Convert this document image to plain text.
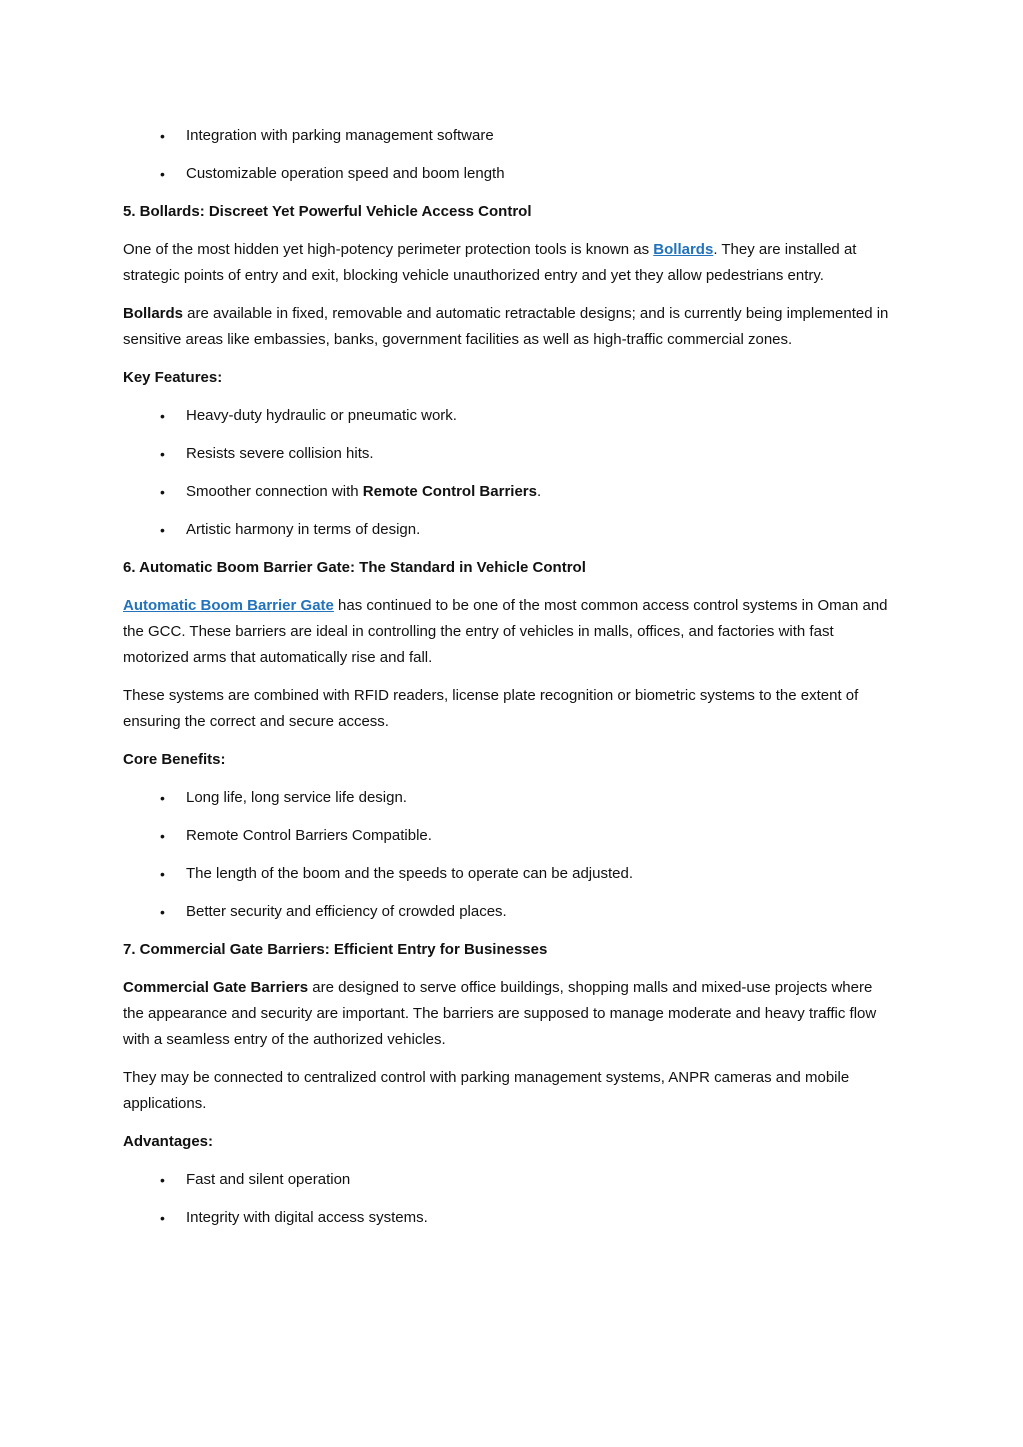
•	Integration with parking management software
•	Customizable operation speed and boom length

5. Bollards: Discreet Yet Powerful Vehicle Access Control

One of the most hidden yet high-potency perimeter protection tools is known as Bollards. They are installed at strategic points of entry and exit, blocking vehicle unauthorized entry and yet they allow pedestrians entry.

Bollards are available in fixed, removable and automatic retractable designs; and is currently being implemented in sensitive areas like embassies, banks, government facilities as well as high-traffic commercial zones.

Key Features:

•	Heavy-duty hydraulic or pneumatic work.
•	Resists severe collision hits.
•	Smoother connection with Remote Control Barriers.
•	Artistic harmony in terms of design.

6. Automatic Boom Barrier Gate: The Standard in Vehicle Control

Automatic Boom Barrier Gate has continued to be one of the most common access control systems in Oman and the GCC. These barriers are ideal in controlling the entry of vehicles in malls, offices, and factories with fast motorized arms that automatically rise and fall.

These systems are combined with RFID readers, license plate recognition or biometric systems to the extent of ensuring the correct and secure access.

Core Benefits:

•	Long life, long service life design.
•	Remote Control Barriers Compatible.
•	The length of the boom and the speeds to operate can be adjusted.
•	Better security and efficiency of crowded places.

7. Commercial Gate Barriers: Efficient Entry for Businesses

Commercial Gate Barriers are designed to serve office buildings, shopping malls and mixed-use projects where the appearance and security are important. The barriers are supposed to manage moderate and heavy traffic flow with a seamless entry of the authorized vehicles.

They may be connected to centralized control with parking management systems, ANPR cameras and mobile applications.

Advantages:

•	Fast and silent operation
•	Integrity with digital access systems.
